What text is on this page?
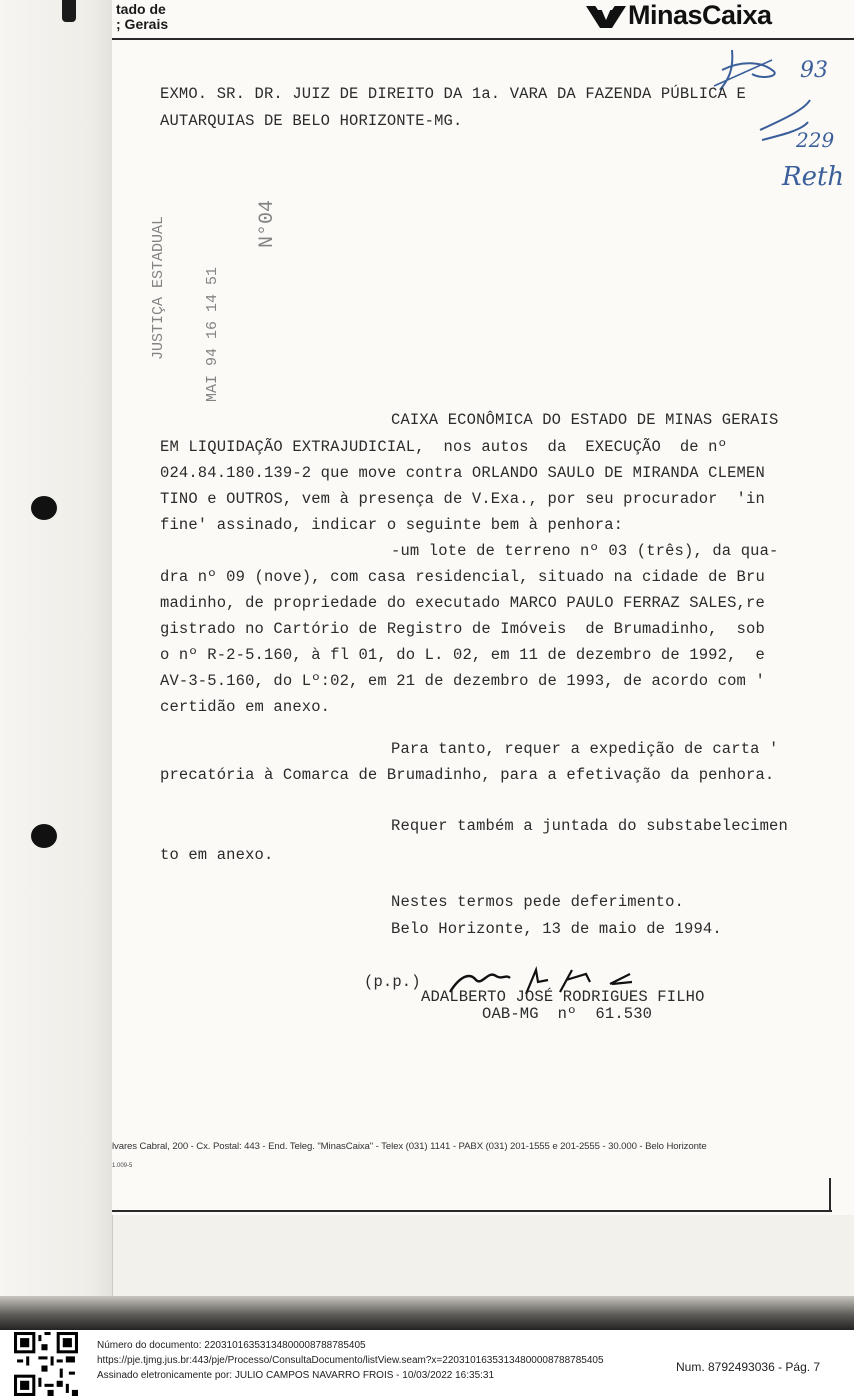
tado de
; Gerais	MinasCaixa
93
229
Reth
JUSTIÇA ESTADUAL MAI 94 16 14 51
N°04
EXMO. SR. DR. JUIZ DE DIREITO DA 1a. VARA DA FAZENDA PÚBLICA E
AUTARQUIAS DE BELO HORIZONTE-MG.
CAIXA ECONÔMICA DO ESTADO DE MINAS GERAIS
EM LIQUIDAÇÃO EXTRAJUDICIAL,  nos autos  da  EXECUÇÃO  de nº
024.84.180.139-2 que move contra ORLANDO SAULO DE MIRANDA CLEMEN
TINO e OUTROS, vem à presença de V.Exa., por seu procurador  'in
fine' assinado, indicar o seguinte bem à penhora:
-um lote de terreno nº 03 (três), da qua-
dra nº 09 (nove), com casa residencial, situado na cidade de Bru
madinho, de propriedade do executado MARCO PAULO FERRAZ SALES,re
gistrado no Cartório de Registro de Imóveis  de Brumadinho,  sob
o nº R-2-5.160, à fl 01, do L. 02, em 11 de dezembro de 1992,  e
AV-3-5.160, do Lº:02, em 21 de dezembro de 1993, de acordo com '
certidão em anexo.
Para tanto, requer a expedição de carta '
precatória à Comarca de Brumadinho, para a efetivação da penhora.
Requer também a juntada do substabelecimen
to em anexo.
Nestes termos pede deferimento.
Belo Horizonte, 13 de maio de 1994.
(p.p.)
ADALBERTO JOSÉ RODRIGUES FILHO
OAB-MG  nº  61.530
lvares Cabral, 200 - Cx. Postal: 443 - End. Teleg. "MinasCaixa" - Telex (031) 1141 - PABX (031) 201-1555 e 201-2555 - 30.000 - Belo Horizonte
1.009-5
Número do documento: 22031016353134800008788785405
https://pje.tjmg.jus.br:443/pje/Processo/ConsultaDocumento/listView.seam?x=22031016353134800008788785405
Assinado eletronicamente por: JULIO CAMPOS NAVARRO FROIS - 10/03/2022 16:35:31
Num. 8792493036 - Pág. 7
